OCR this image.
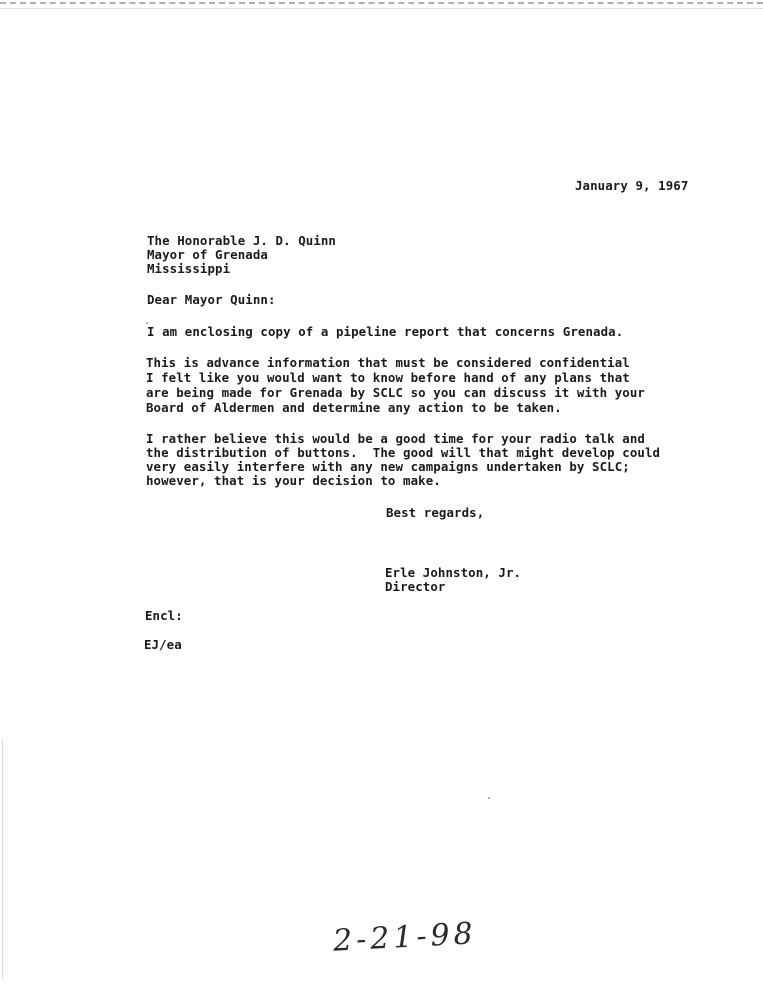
January 9, 1967
The Honorable J. D. Quinn
Mayor of Grenada
Mississippi
Dear Mayor Quinn:
I am enclosing copy of a pipeline report that concerns Grenada.
This is advance information that must be considered confidential
I felt like you would want to know before hand of any plans that
are being made for Grenada by SCLC so you can discuss it with your
Board of Aldermen and determine any action to be taken.
I rather believe this would be a good time for your radio talk and
the distribution of buttons.  The good will that might develop could
very easily interfere with any new campaigns undertaken by SCLC;
however, that is your decision to make.
Best regards,
Erle Johnston, Jr.
Director
Encl:
EJ/ea
2-21-98
